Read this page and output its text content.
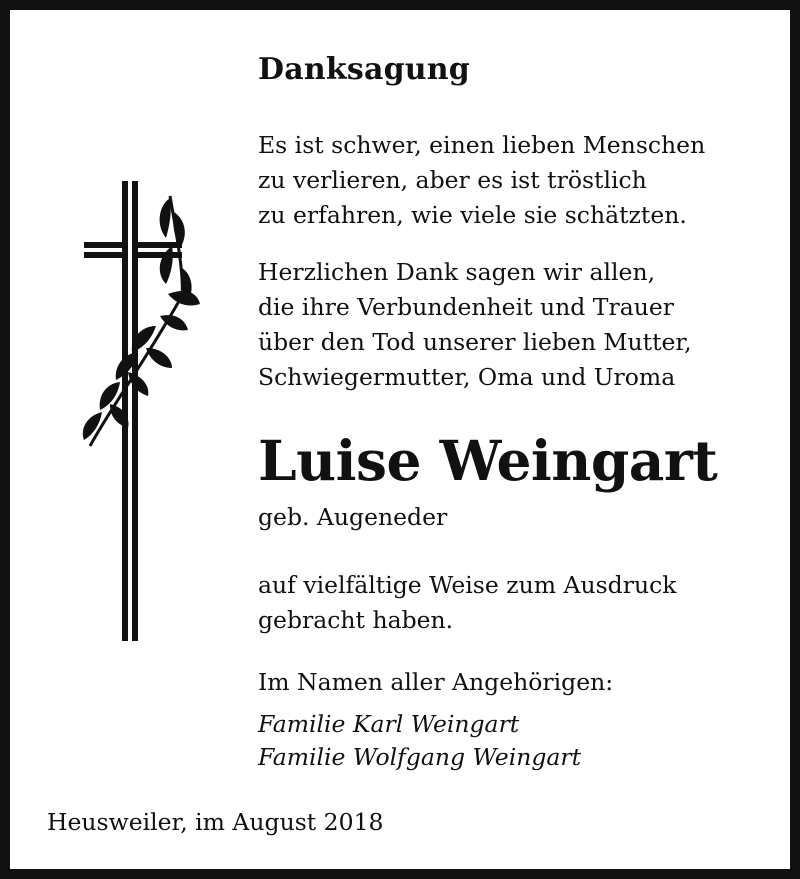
Danksagung
Es ist schwer, einen lieben Menschen
zu verlieren, aber es ist tröstlich
zu erfahren, wie viele sie schätzten.
Herzlichen Dank sagen wir allen,
die ihre Verbundenheit und Trauer
über den Tod unserer lieben Mutter,
Schwiegermutter, Oma und Uroma
Luise Weingart
geb. Augeneder
auf vielfältige Weise zum Ausdruck
gebracht haben.
Im Namen aller Angehörigen:
Familie Karl Weingart
Familie Wolfgang Weingart
Heusweiler, im August 2018
